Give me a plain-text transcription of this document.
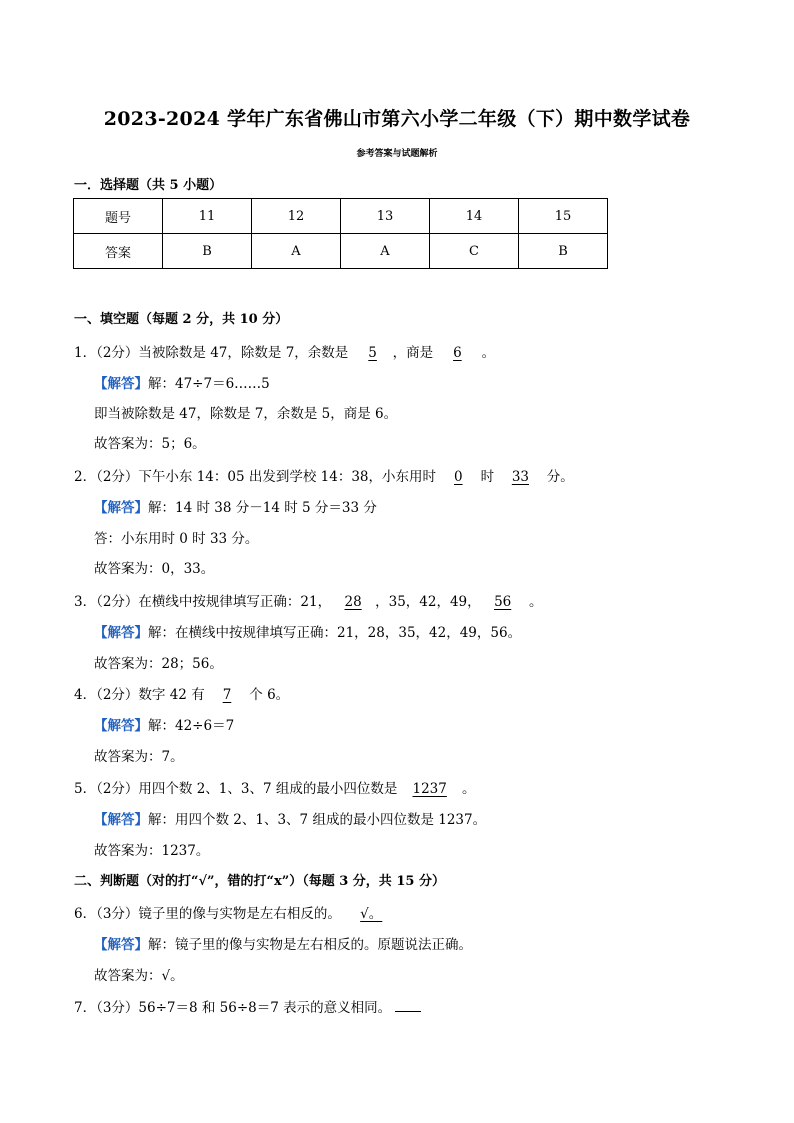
2023-2024 学年广东省佛山市第六小学二年级（下）期中数学试卷
参考答案与试题解析
一．选择题（共 5 小题）
题号	11	12	13	14	15
答案	B	A	A	C	B
一、填空题（每题 2 分，共 10 分）
1．（2分）当被除数是 47，除数是 7，余数是 5 ，商是 6 。
【解答】解：47÷7＝6……5
即当被除数是 47，除数是 7，余数是 5，商是 6。
故答案为：5；6。
2．（2分）下午小东 14：05 出发到学校 14：38，小东用时 0 时 33 分。
【解答】解：14 时 38 分－14 时 5 分＝33 分
答：小东用时 0 时 33 分。
故答案为：0，33。
3．（2分）在横线中按规律填写正确：21， 28 ，35，42，49， 56 。
【解答】解：在横线中按规律填写正确：21，28，35，42，49，56。
故答案为：28；56。
4．（2分）数字 42 有 7 个 6。
【解答】解：42÷6＝7
故答案为：7。
5．（2分）用四个数 2、1、3、7 组成的最小四位数是 1237 。
【解答】解：用四个数 2、1、3、7 组成的最小四位数是 1237。
故答案为：1237。
二、判断题（对的打“√”，错的打“x”）（每题 3 分，共 15 分）
6．（3分）镜子里的像与实物是左右相反的。 √。
【解答】解：镜子里的像与实物是左右相反的。原题说法正确。
故答案为：√。
7．（3分）56÷7＝8 和 56÷8＝7 表示的意义相同。
